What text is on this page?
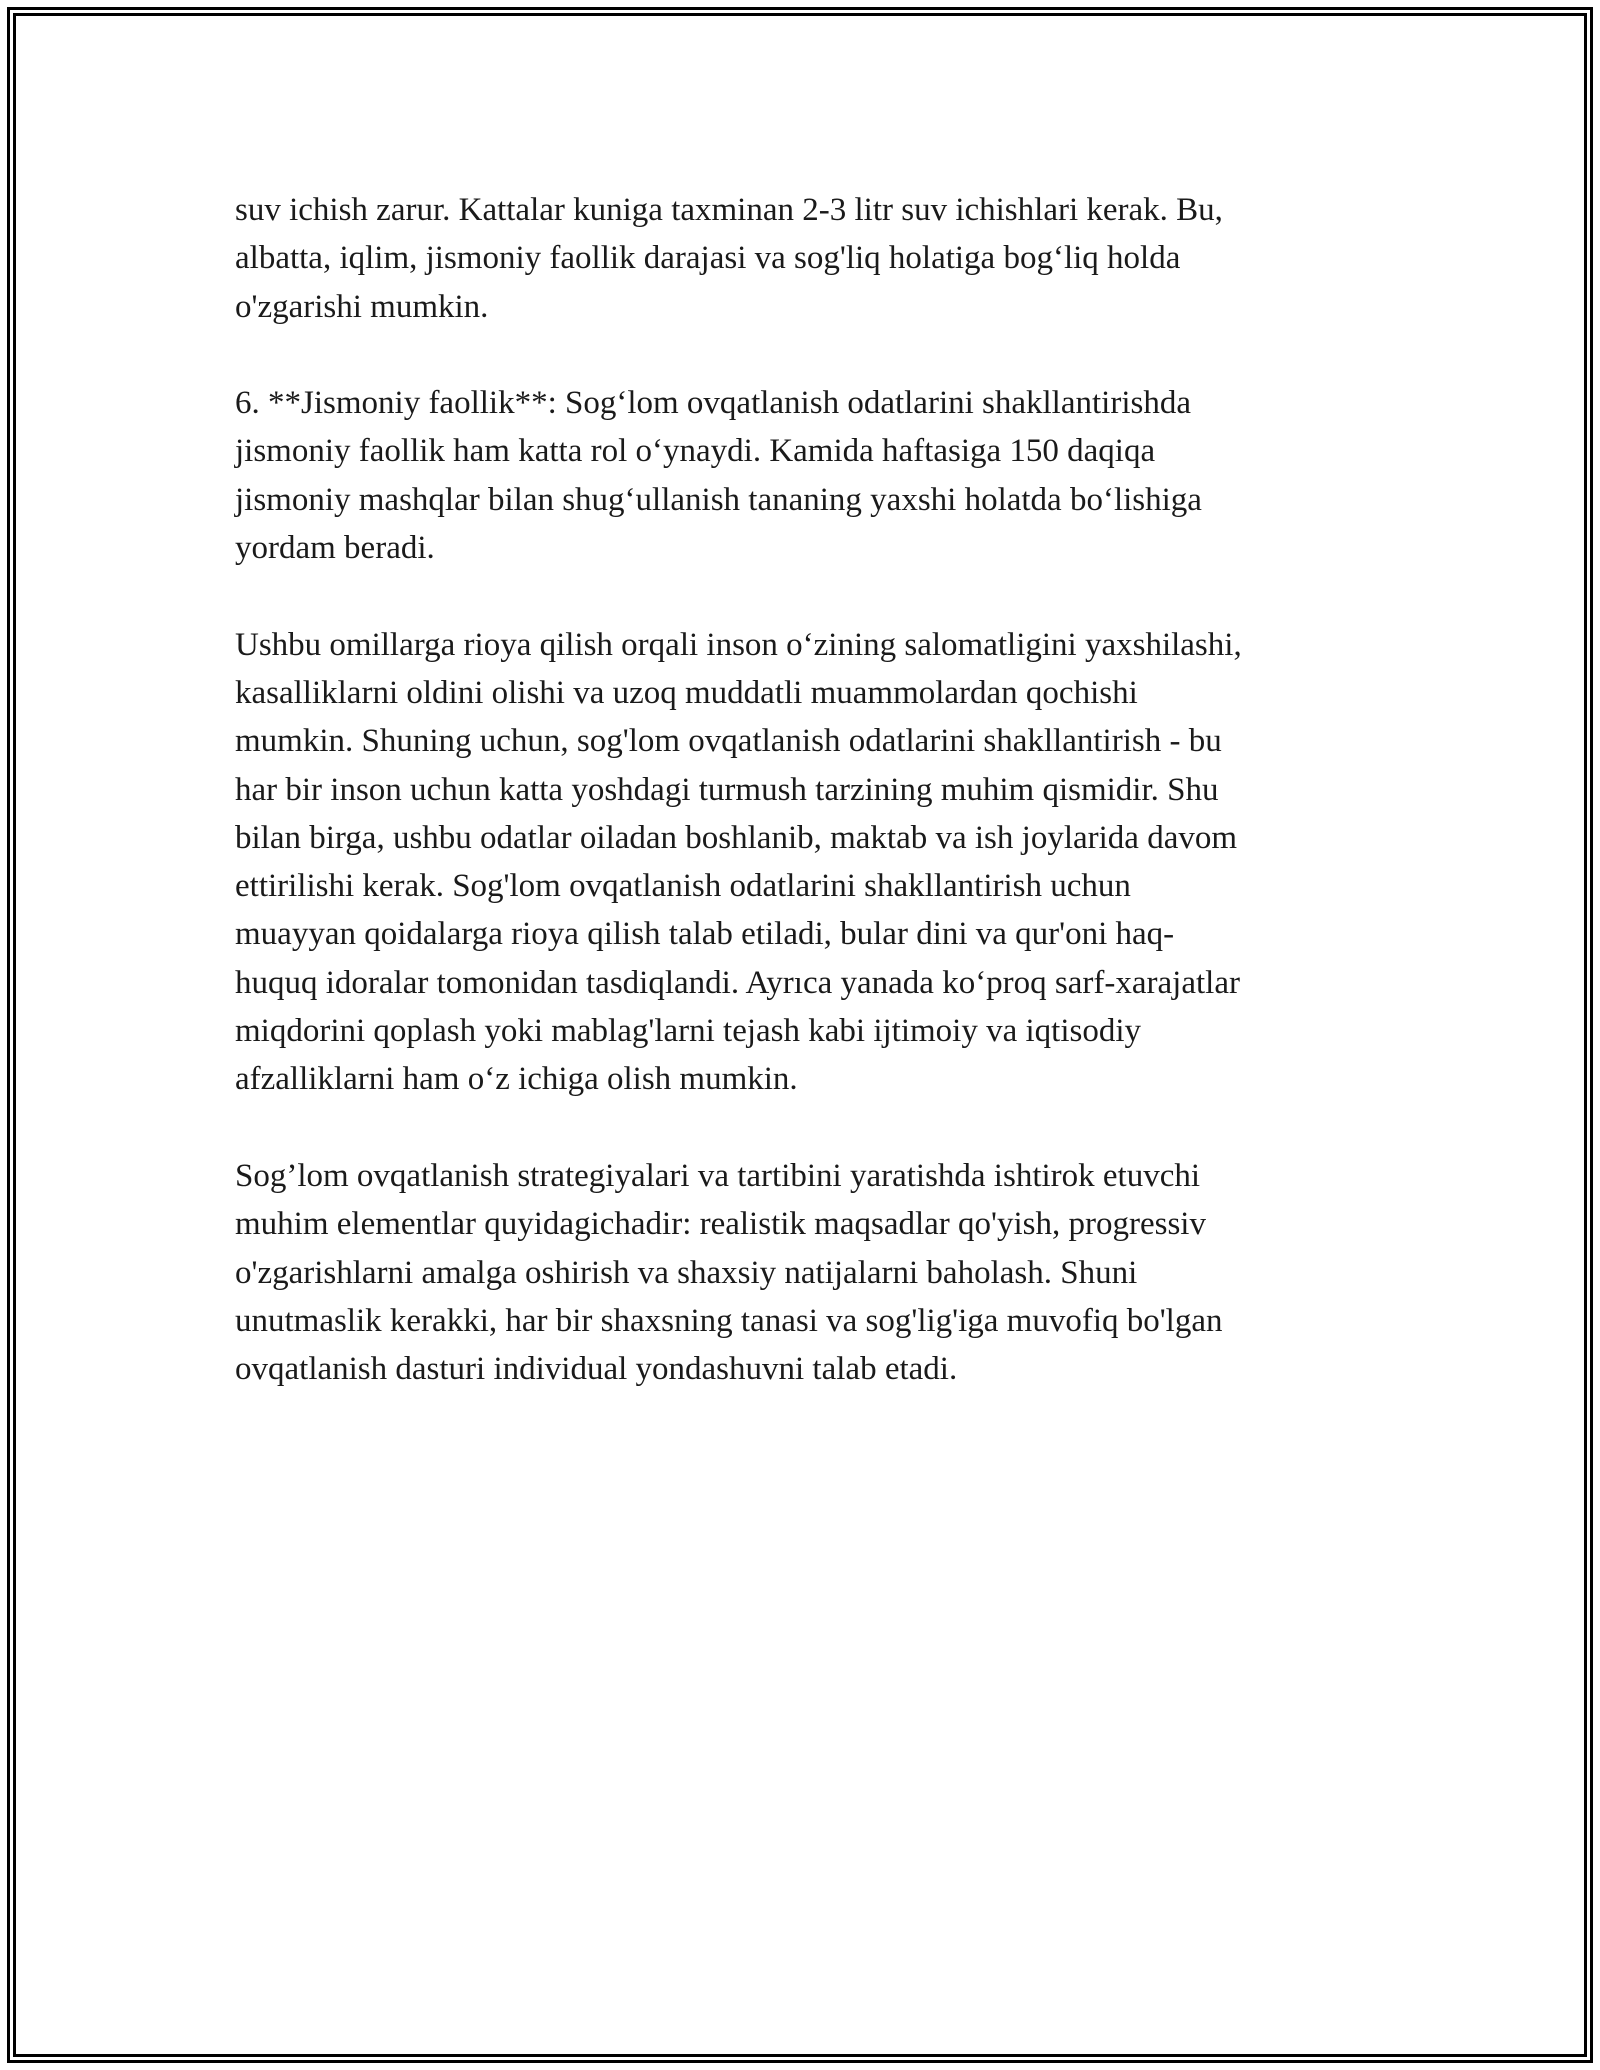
suv ichish zarur. Kattalar kuniga taxminan 2-3 litr suv ichishlari kerak. Bu,
albatta, iqlim, jismoniy faollik darajasi va sog'liq holatiga bog‘liq holda
o'zgarishi mumkin.

6. **Jismoniy faollik**: Sog‘lom ovqatlanish odatlarini shakllantirishda
jismoniy faollik ham katta rol o‘ynaydi. Kamida haftasiga 150 daqiqa
jismoniy mashqlar bilan shug‘ullanish tananing yaxshi holatda bo‘lishiga
yordam beradi.

Ushbu omillarga rioya qilish orqali inson o‘zining salomatligini yaxshilashi,
kasalliklarni oldini olishi va uzoq muddatli muammolardan qochishi
mumkin. Shuning uchun, sog'lom ovqatlanish odatlarini shakllantirish - bu
har bir inson uchun katta yoshdagi turmush tarzining muhim qismidir. Shu
bilan birga, ushbu odatlar oiladan boshlanib, maktab va ish joylarida davom
ettirilishi kerak. Sog'lom ovqatlanish odatlarini shakllantirish uchun
muayyan qoidalarga rioya qilish talab etiladi, bular dini va qur'oni haq-
huquq idoralar tomonidan tasdiqlandi. Ayrıca yanada ko‘proq sarf-xarajatlar
miqdorini qoplash yoki mablag'larni tejash kabi ijtimoiy va iqtisodiy
afzalliklarni ham o‘z ichiga olish mumkin.

Sog’lom ovqatlanish strategiyalari va tartibini yaratishda ishtirok etuvchi
muhim elementlar quyidagichadir: realistik maqsadlar qo'yish, progressiv
o'zgarishlarni amalga oshirish va shaxsiy natijalarni baholash. Shuni
unutmaslik kerakki, har bir shaxsning tanasi va sog'lig'iga muvofiq bo'lgan
ovqatlanish dasturi individual yondashuvni talab etadi.
